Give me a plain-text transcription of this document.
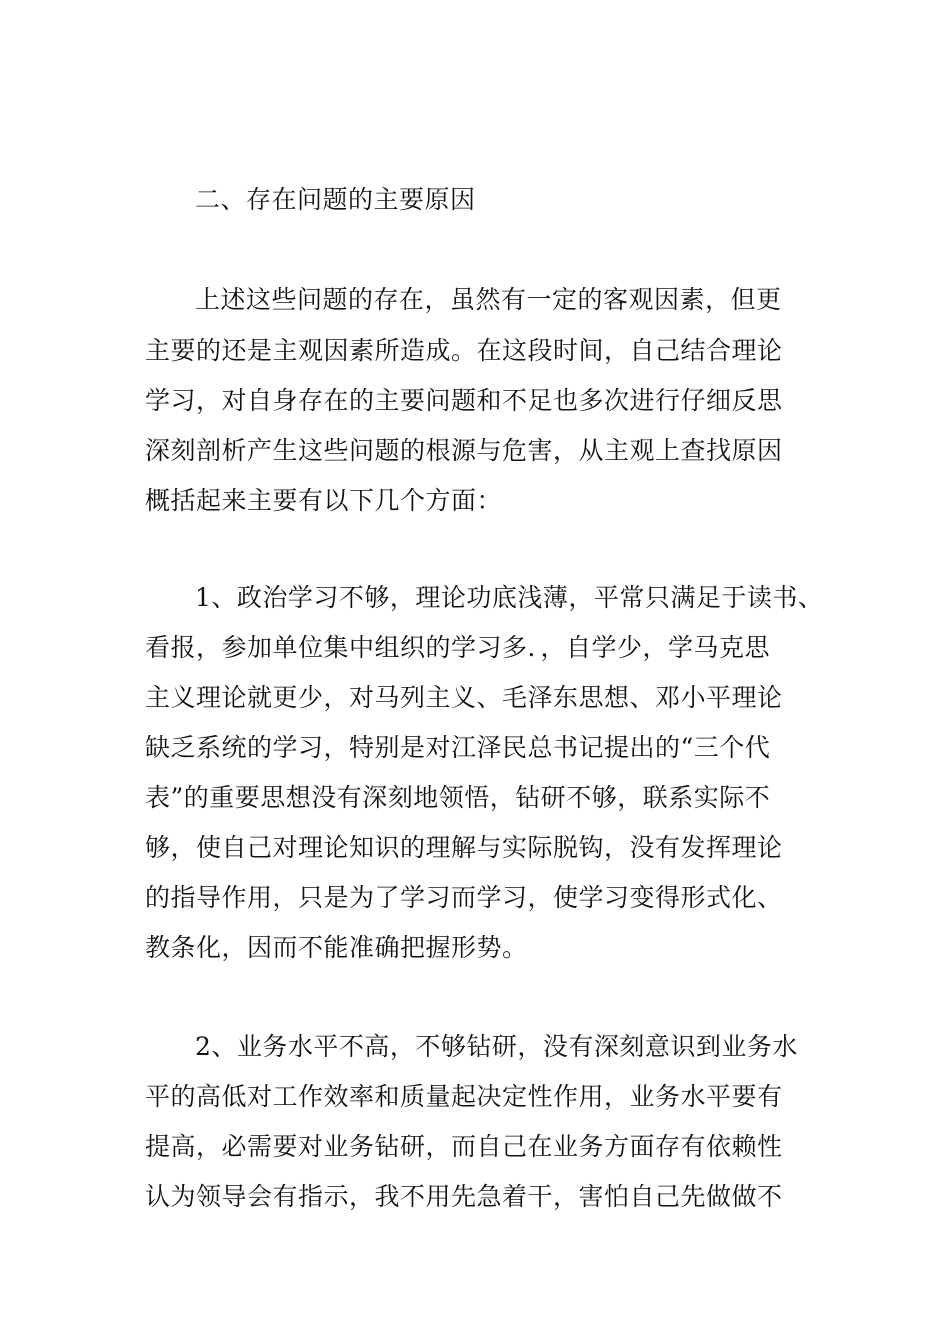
二、存在问题的主要原因
上述这些问题的存在，虽然有一定的客观因素，但更
主要的还是主观因素所造成。在这段时间，自己结合理论
学习，对自身存在的主要问题和不足也多次进行仔细反思
深刻剖析产生这些问题的根源与危害，从主观上查找原因
概括起来主要有以下几个方面：
1、政治学习不够，理论功底浅薄，平常只满足于读书、
看报，参加单位集中组织的学习多．，自学少，学马克思
主义理论就更少，对马列主义、毛泽东思想、邓小平理论
缺乏系统的学习，特别是对江泽民总书记提出的“三个代
表”的重要思想没有深刻地领悟，钻研不够，联系实际不
够，使自己对理论知识的理解与实际脱钩，没有发挥理论
的指导作用，只是为了学习而学习，使学习变得形式化、
教条化，因而不能准确把握形势。
2、业务水平不高，不够钻研，没有深刻意识到业务水
平的高低对工作效率和质量起决定性作用，业务水平要有
提高，必需要对业务钻研，而自己在业务方面存有依赖性
认为领导会有指示，我不用先急着干，害怕自己先做做不
